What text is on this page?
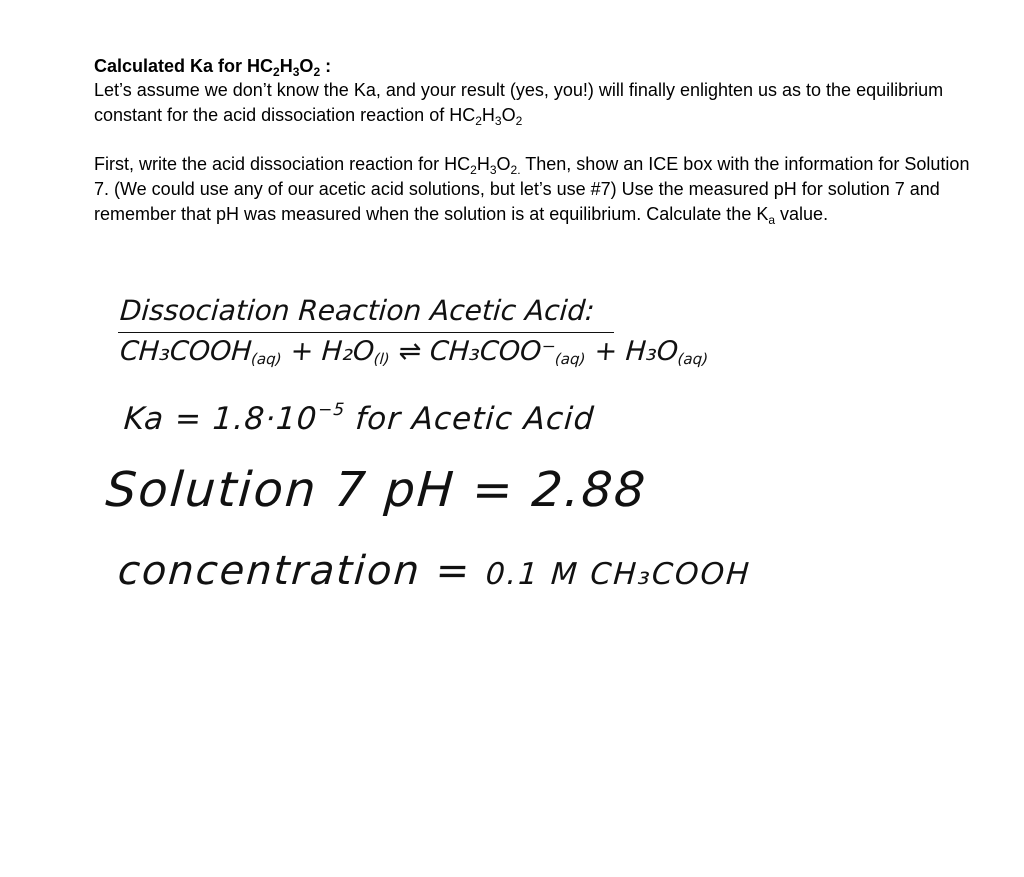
Calculated Ka for $HC_2H_3O_2$ :

Let’s assume we don’t know the Ka, and your result (yes, you!) will finally enlighten us as to the equilibrium constant for the acid dissociation reaction of $HC_2H_3O_2$

First, write the acid dissociation reaction for $HC_2H_3O_{2.}$ Then, show an ICE box with the information for Solution 7. (We could use any of our acetic acid solutions, but let’s use #7) Use the measured pH for solution 7 and remember that pH was measured when the solution is at equilibrium. Calculate the $K_a$ value.

Dissociation Reaction Acetic Acid:
CH₃COOH(aq) + H₂O(l) ⇌ CH₃COO⁻(aq) + H₃O(aq)
$Ka = 1.8\cdot 10^{-5}$ for Acetic Acid
Solution 7 pH = 2.88
concentration = 0.1 M CH₃COOH
